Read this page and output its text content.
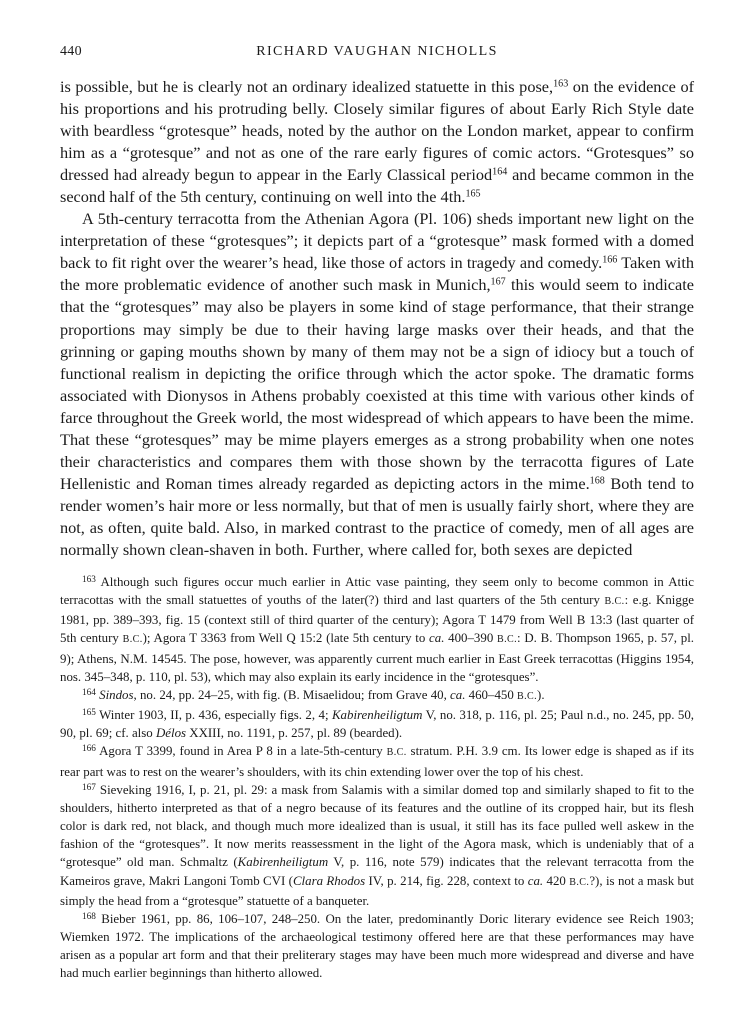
440	RICHARD VAUGHAN NICHOLLS

is possible, but he is clearly not an ordinary idealized statuette in this pose,$^{163}$ on the evidence of his proportions and his protruding belly. Closely similar figures of about Early Rich Style date with beardless “grotesque” heads, noted by the author on the London market, appear to confirm him as a “grotesque” and not as one of the rare early figures of comic actors. “Grotesques” so dressed had already begun to appear in the Early Classical period$^{164}$ and became common in the second half of the 5th century, continuing on well into the 4th.$^{165}$

A 5th-century terracotta from the Athenian Agora (Pl. 106) sheds important new light on the interpretation of these “grotesques”; it depicts part of a “grotesque” mask formed with a domed back to fit right over the wearer’s head, like those of actors in tragedy and comedy.$^{166}$ Taken with the more problematic evidence of another such mask in Munich,$^{167}$ this would seem to indicate that the “grotesques” may also be players in some kind of stage performance, that their strange proportions may simply be due to their having large masks over their heads, and that the grinning or gaping mouths shown by many of them may not be a sign of idiocy but a touch of functional realism in depicting the orifice through which the actor spoke. The dramatic forms associated with Dionysos in Athens probably coexisted at this time with various other kinds of farce throughout the Greek world, the most widespread of which appears to have been the mime. That these “grotesques” may be mime players emerges as a strong probability when one notes their characteristics and compares them with those shown by the terracotta figures of Late Hellenistic and Roman times already regarded as depicting actors in the mime.$^{168}$ Both tend to render women’s hair more or less normally, but that of men is usually fairly short, where they are not, as often, quite bald. Also, in marked contrast to the practice of comedy, men of all ages are normally shown clean-shaven in both. Further, where called for, both sexes are depicted

$^{163}$ Although such figures occur much earlier in Attic vase painting, they seem only to become common in Attic terracottas with the small statuettes of youths of the later(?) third and last quarters of the 5th century B.C.: e.g. Knigge 1981, pp. 389–393, fig. 15 (context still of third quarter of the century); Agora T 1479 from Well B 13:3 (last quarter of 5th century B.C.); Agora T 3363 from Well Q 15:2 (late 5th century to ca. 400–390 B.C.: D. B. Thompson 1965, p. 57, pl. 9); Athens, N.M. 14545. The pose, however, was apparently current much earlier in East Greek terracottas (Higgins 1954, nos. 345–348, p. 110, pl. 53), which may also explain its early incidence in the “grotesques”.

$^{164}$ Sindos, no. 24, pp. 24–25, with fig. (B. Misaelidou; from Grave 40, ca. 460–450 B.C.).

$^{165}$ Winter 1903, II, p. 436, especially figs. 2, 4; Kabirenheiligtum V, no. 318, p. 116, pl. 25; Paul n.d., no. 245, pp. 50, 90, pl. 69; cf. also Délos XXIII, no. 1191, p. 257, pl. 89 (bearded).

$^{166}$ Agora T 3399, found in Area P 8 in a late-5th-century B.C. stratum. P.H. 3.9 cm. Its lower edge is shaped as if its rear part was to rest on the wearer’s shoulders, with its chin extending lower over the top of his chest.

$^{167}$ Sieveking 1916, I, p. 21, pl. 29: a mask from Salamis with a similar domed top and similarly shaped to fit to the shoulders, hitherto interpreted as that of a negro because of its features and the outline of its cropped hair, but its flesh color is dark red, not black, and though much more idealized than is usual, it still has its face pulled well askew in the fashion of the “grotesques”. It now merits reassessment in the light of the Agora mask, which is undeniably that of a “grotesque” old man. Schmaltz (Kabirenheiligtum V, p. 116, note 579) indicates that the relevant terracotta from the Kameiros grave, Makri Langoni Tomb CVI (Clara Rhodos IV, p. 214, fig. 228, context to ca. 420 B.C.?), is not a mask but simply the head from a “grotesque” statuette of a banqueter.

$^{168}$ Bieber 1961, pp. 86, 106–107, 248–250. On the later, predominantly Doric literary evidence see Reich 1903; Wiemken 1972. The implications of the archaeological testimony offered here are that these performances may have arisen as a popular art form and that their preliterary stages may have been much more widespread and diverse and have had much earlier beginnings than hitherto allowed.
